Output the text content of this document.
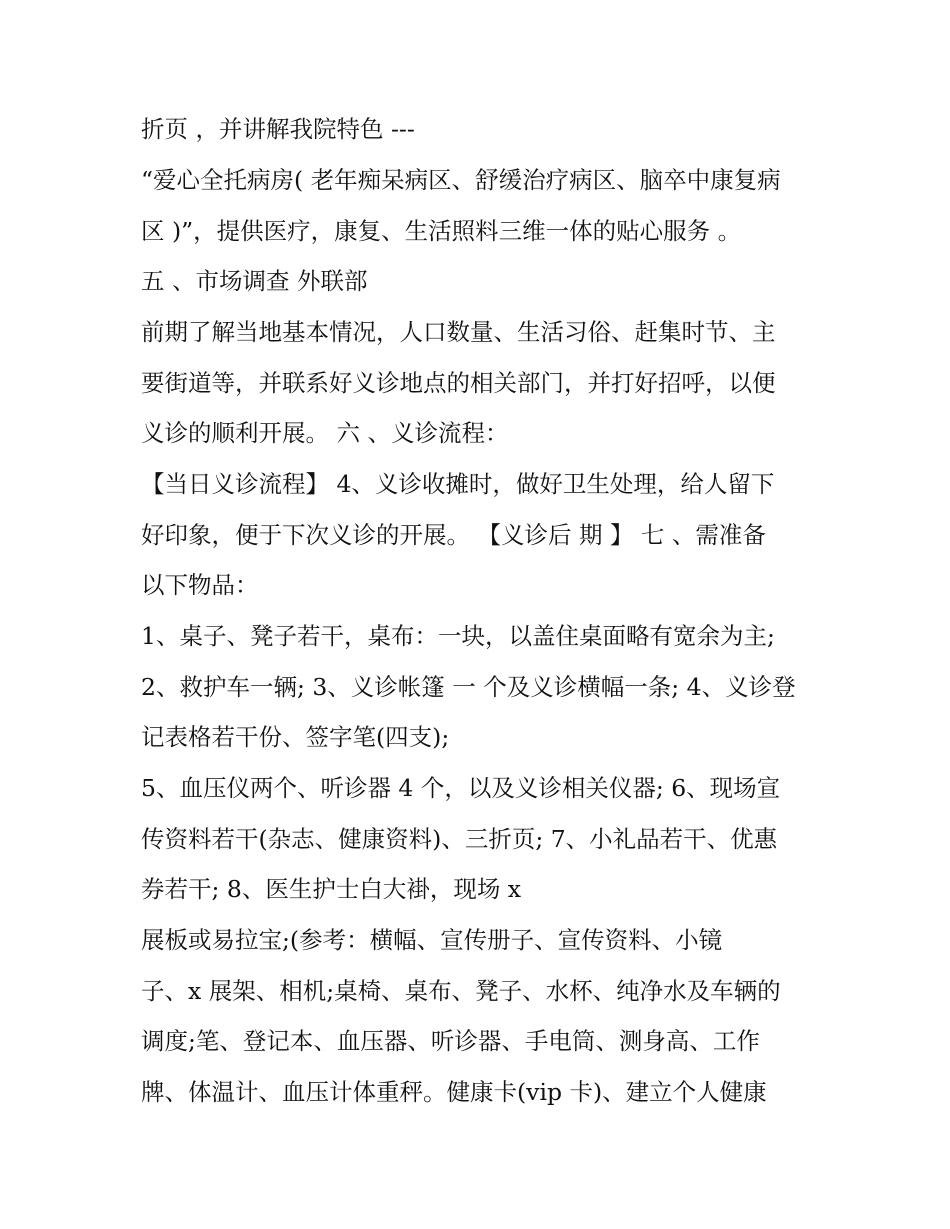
折页 ，并讲解我院特色 ---
“爱心全托病房( 老年痴呆病区、舒缓治疗病区、脑卒中康复病
区 )”，提供医疗，康复、生活照料三维一体的贴心服务 。
五 、市场调查 外联部
前期了解当地基本情况，人口数量、生活习俗、赶集时节、主
要街道等，并联系好义诊地点的相关部门，并打好招呼，以便
义诊的顺利开展。 六 、义诊流程：
【当日义诊流程】 4、义诊收摊时，做好卫生处理，给人留下
好印象，便于下次义诊的开展。 【义诊后 期 】 七 、需准备
以下物品：
1、桌子、凳子若干，桌布：一块，以盖住桌面略有宽余为主;
2、救护车一辆; 3、义诊帐篷 一 个及义诊横幅一条; 4、义诊登
记表格若干份、签字笔(四支);
5、血压仪两个、听诊器 4 个，以及义诊相关仪器; 6、现场宣
传资料若干(杂志、健康资料)、三折页; 7、小礼品若干、优惠
券若干; 8、医生护士白大褂，现场 x
展板或易拉宝;(参考：横幅、宣传册子、宣传资料、小镜
子、x 展架、相机;桌椅、桌布、凳子、水杯、纯净水及车辆的
调度;笔、登记本、血压器、听诊器、手电筒、测身高、工作
牌、体温计、血压计体重秤。健康卡(vip 卡)、建立个人健康
